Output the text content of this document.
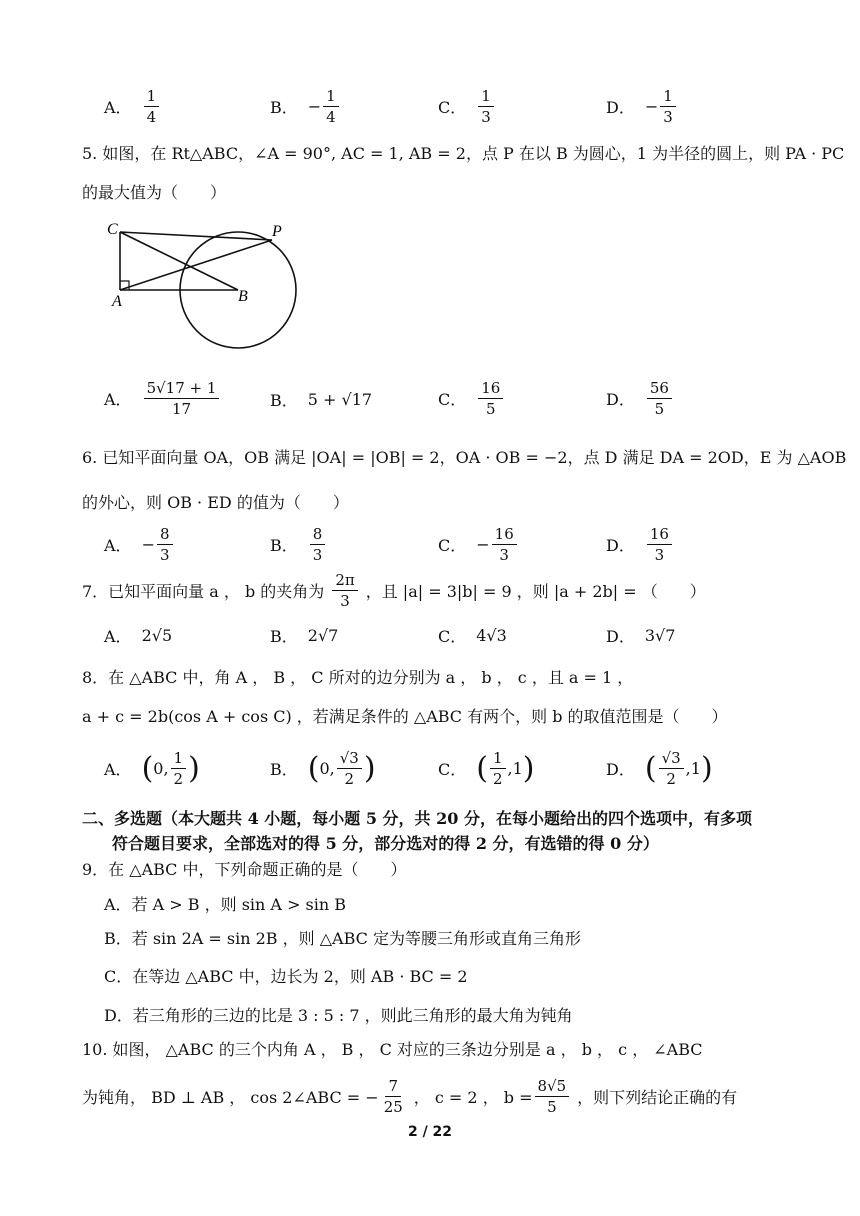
A． $\frac{1}{4}$	B． − $\frac{1}{4}$	C． $\frac{1}{3}$	D． − $\frac{1}{3}$
5. 如图，在 Rt△ABC，∠A = 90°, AC = 1, AB = 2，点 P 在以 B 为圆心，1 为半径的圆上，则 PA · PC
的最大值为（　　）
C	P
A	B
A． $\frac{5√17 + 1}{17}$	B． 5 + √17	C． $\frac{16}{5}$	D． $\frac{56}{5}$
6. 已知平面向量 OA，OB 满足 |OA| = |OB| = 2，OA · OB = −2，点 D 满足 DA = 2OD，E 为 △AOB
的外心，则 OB · ED 的值为（　　）
A． − $\frac{8}{3}$	B． $\frac{8}{3}$	C． − $\frac{16}{3}$	D． $\frac{16}{3}$
7．已知平面向量 a ， b 的夹角为 $\frac{2\pi}{3}$ ，且 |a| = 3|b| = 9 ，则 |a + 2b| = （　　）
A． 2√5	B． 2√7	C． 4√3	D． 3√7
8．在 △ABC 中，角 A ， B ， C 所对的边分别为 a ， b ， c ，且 a = 1 ，
a + c = 2b(cos A + cos C) ，若满足条件的 △ABC 有两个，则 b 的取值范围是（　　）
A． ( 0, $\frac{1}{2}$ )	B． ( 0, $\frac{√3}{2}$ )	C． ( $\frac{1}{2} ,1$ )	D． ( $\frac{√3}{2} ,1$ )
二、多选题（本大题共 4 小题，每小题 5 分，共 20 分，在每小题给出的四个选项中，有多项
符合题目要求，全部选对的得 5 分，部分选对的得 2 分，有选错的得 0 分）
9．在 △ABC 中，下列命题正确的是（　　）
A．若 A > B ，则 sin A > sin B
B．若 sin 2A = sin 2B ，则 △ABC 定为等腰三角形或直角三角形
C．在等边 △ABC 中，边长为 2，则 AB · BC = 2
D．若三角形的三边的比是 3 : 5 : 7 ，则此三角形的最大角为钝角
10. 如图， △ABC 的三个内角 A ， B ， C 对应的三条边分别是 a ， b ， c ， ∠ABC
为钝角， BD ⊥ AB ， cos 2∠ABC = − $\frac{7}{25}$ ， c = 2 ， $b = \frac{8√5}{5}$ ，则下列结论正确的有
2 / 22
